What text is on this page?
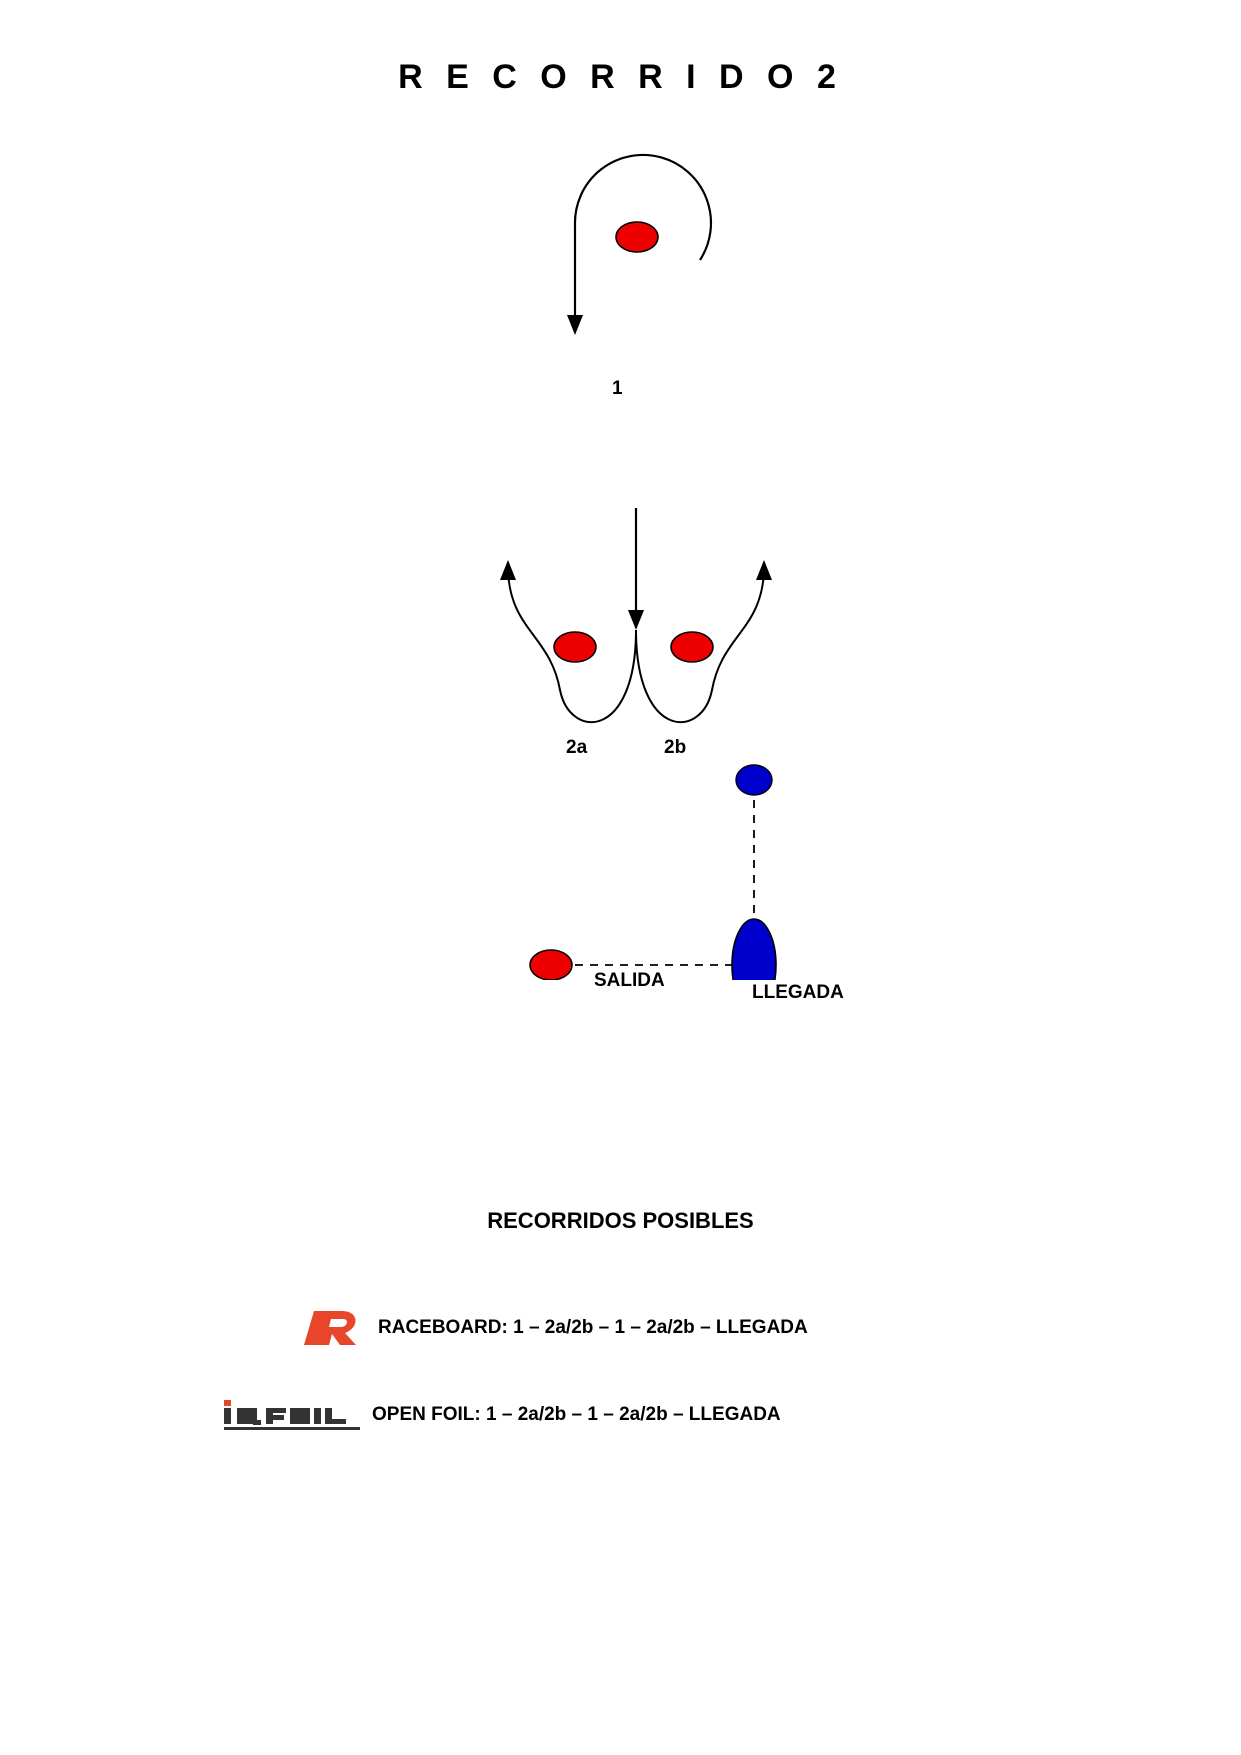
R E C O R R I D O 2
1
2a	2b
LLEGADA
SALIDA
RECORRIDOS POSIBLES
RACEBOARD: 1 – 2a/2b – 1 – 2a/2b – LLEGADA
OPEN FOIL: 1 – 2a/2b – 1 – 2a/2b – LLEGADA
